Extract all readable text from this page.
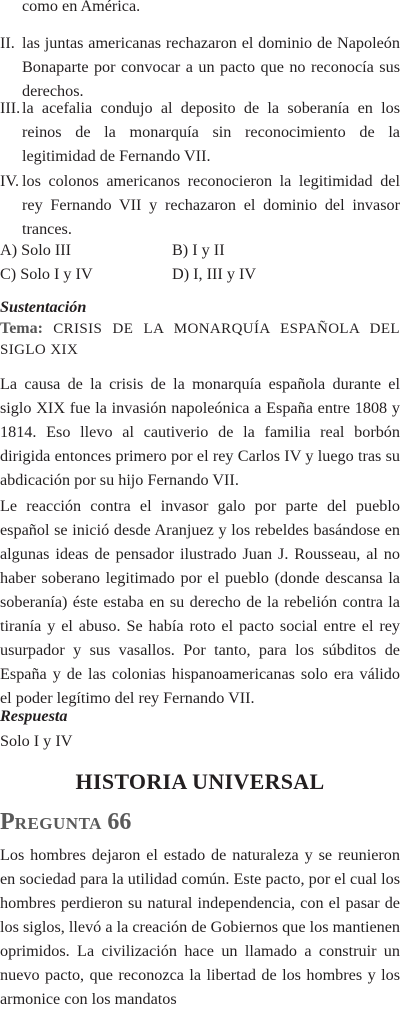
como en América.

II. las juntas americanas rechazaron el dominio de Napoleón Bonaparte por convocar a un pacto que no reconocía sus derechos.
III. la acefalia condujo al deposito de la soberanía en los reinos de la monarquía sin reconocimiento de la legitimidad de Fernando VII.
IV. los colonos americanos reconocieron la legitimidad del rey Fernando VII y rechazaron el dominio del invasor trances.
A) Solo III	B) I y II
C) Solo I y IV	D) I, III y IV
Sustentación
Tema: CRISIS DE LA MONARQUÍA ESPAÑOLA DEL SIGLO XIX

La causa de la crisis de la monarquía española durante el siglo XIX fue la invasión napoleónica a España entre 1808 y 1814. Eso llevo al cautiverio de la familia real borbón dirigida entonces primero por el rey Carlos IV y luego tras su abdicación por su hijo Fernando VII.

Le reacción contra el invasor galo por parte del pueblo español se inició desde Aranjuez y los rebeldes basándose en algunas ideas de pensador ilustrado Juan J. Rousseau, al no haber soberano legitimado por el pueblo (donde descansa la soberanía) éste estaba en su derecho de la rebelión contra la tiranía y el abuso. Se había roto el pacto social entre el rey usurpador y sus vasallos. Por tanto, para los súbditos de España y de las colonias hispanoamericanas solo era válido el poder legítimo del rey Fernando VII.

Respuesta
Solo I y IV
HISTORIA UNIVERSAL
PREGUNTA 66

Los hombres dejaron el estado de naturaleza y se reunieron en sociedad para la utilidad común. Este pacto, por el cual los hombres perdieron su natural independencia, con el pasar de los siglos, llevó a la creación de Gobiernos que los mantienen oprimidos. La civilización hace un llamado a construir un nuevo pacto, que reconozca la libertad de los hombres y los armonice con los mandatos
